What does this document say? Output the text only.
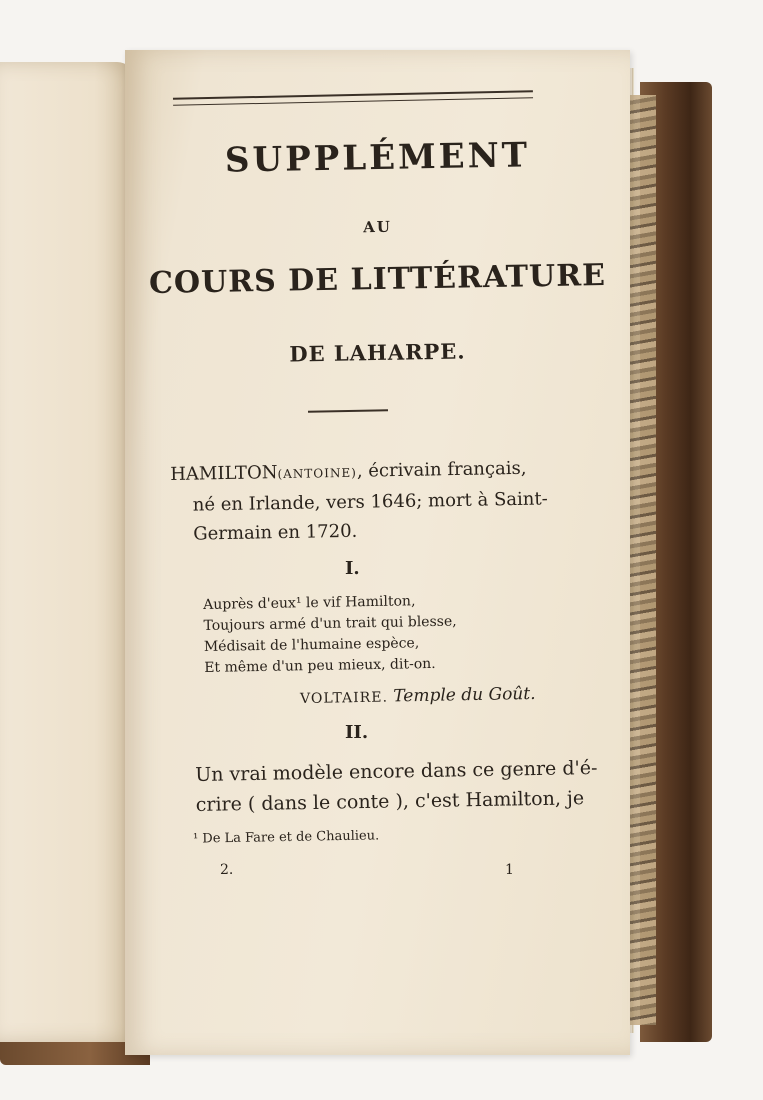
SUPPLÉMENT
AU
COURS DE LITTÉRATURE
DE LAHARPE.
HAMILTON(ANTOINE), écrivain français,
né en Irlande, vers 1646; mort à Saint-
Germain en 1720.
I.
Auprès d'eux¹ le vif Hamilton,
Toujours armé d'un trait qui blesse,
Médisait de l'humaine espèce,
Et même d'un peu mieux, dit-on.
VOLTAIRE. Temple du Goût.
II.
Un vrai modèle encore dans ce genre d'é-
crire ( dans le conte ), c'est Hamilton, je
¹ De La Fare et de Chaulieu.
2.	1
